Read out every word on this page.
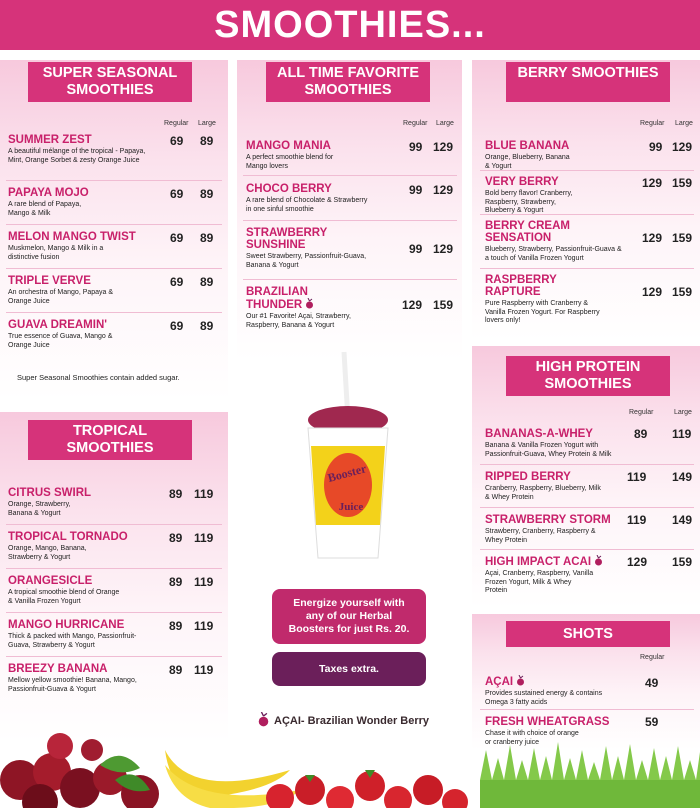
SMOOTHIES...
SUPER SEASONAL SMOOTHIES
TROPICAL SMOOTHIES
ALL TIME FAVORITE SMOOTHIES
BERRY SMOOTHIES
HIGH PROTEIN SMOOTHIES
SHOTS
Regular Large	Regular Large	Regular Large
Regular	Large
Regular
SUMMER ZEST
A beautiful mélange of the tropical - Papaya, Mint, Orange Sorbet & zesty Orange Juice
69 89
PAPAYA MOJO
A rare blend of Papaya, Mango & Milk
69 89
MELON MANGO TWIST
Muskmelon, Mango & Milk in a distinctive fusion
69 89
TRIPLE VERVE
An orchestra of Mango, Papaya & Orange Juice
69 89
GUAVA DREAMIN'
True essence of Guava, Mango & Orange Juice
69 89
Super Seasonal Smoothies contain added sugar.
CITRUS SWIRL
Orange, Strawberry, Banana & Yogurt
89 119
TROPICAL TORNADO
Orange, Mango, Banana, Strawberry & Yogurt
89 119
ORANGESICLE
A tropical smoothie blend of Orange & Vanilla Frozen Yogurt
89 119
MANGO HURRICANE
Thick & packed with Mango, Passionfruit-Guava, Strawberry & Yogurt
89 119
BREEZY BANANA
Mellow yellow smoothie! Banana, Mango, Passionfruit-Guava & Yogurt
89 119
MANGO MANIA
A perfect smoothie blend for Mango lovers
99 129
CHOCO BERRY
A rare blend of Chocolate & Strawberry in one sinful smoothie
99 129
STRAWBERRY SUNSHINE
Sweet Strawberry, Passionfruit-Guava, Banana & Yogurt
99 129
BRAZILIAN THUNDER
Our #1 Favorite! Açai, Strawberry, Raspberry, Banana & Yogurt
129 159
Booster
Juice
Energize yourself with any of our Herbal Boosters for just Rs. 20.
Taxes extra.
AÇAI- Brazilian Wonder Berry
BLUE BANANA
Orange, Blueberry, Banana & Yogurt
99 129
VERY BERRY
Bold berry flavor! Cranberry, Raspberry, Strawberry, Blueberry & Yogurt
129 159
BERRY CREAM SENSATION
Blueberry, Strawberry, Passionfruit-Guava & a touch of Vanilla Frozen Yogurt
129 159
RASPBERRY RAPTURE
Pure Raspberry with Cranberry & Vanilla Frozen Yogurt. For Raspberry lovers only!
129 159
BANANAS-A-WHEY
Banana & Vanilla Frozen Yogurt with Passionfruit-Guava, Whey Protein & Milk
89 119
RIPPED BERRY
Cranberry, Raspberry, Blueberry, Milk & Whey Protein
119 149
STRAWBERRY STORM
Strawberry, Cranberry, Raspberry & Whey Protein
119 149
HIGH IMPACT ACAI
Açai, Cranberry, Raspberry, Vanilla Frozen Yogurt, Milk & Whey Protein
129 159
AÇAI
Provides sustained energy & contains Omega 3 fatty acids
49
FRESH WHEATGRASS
Chase it with choice of orange or cranberry juice
59
